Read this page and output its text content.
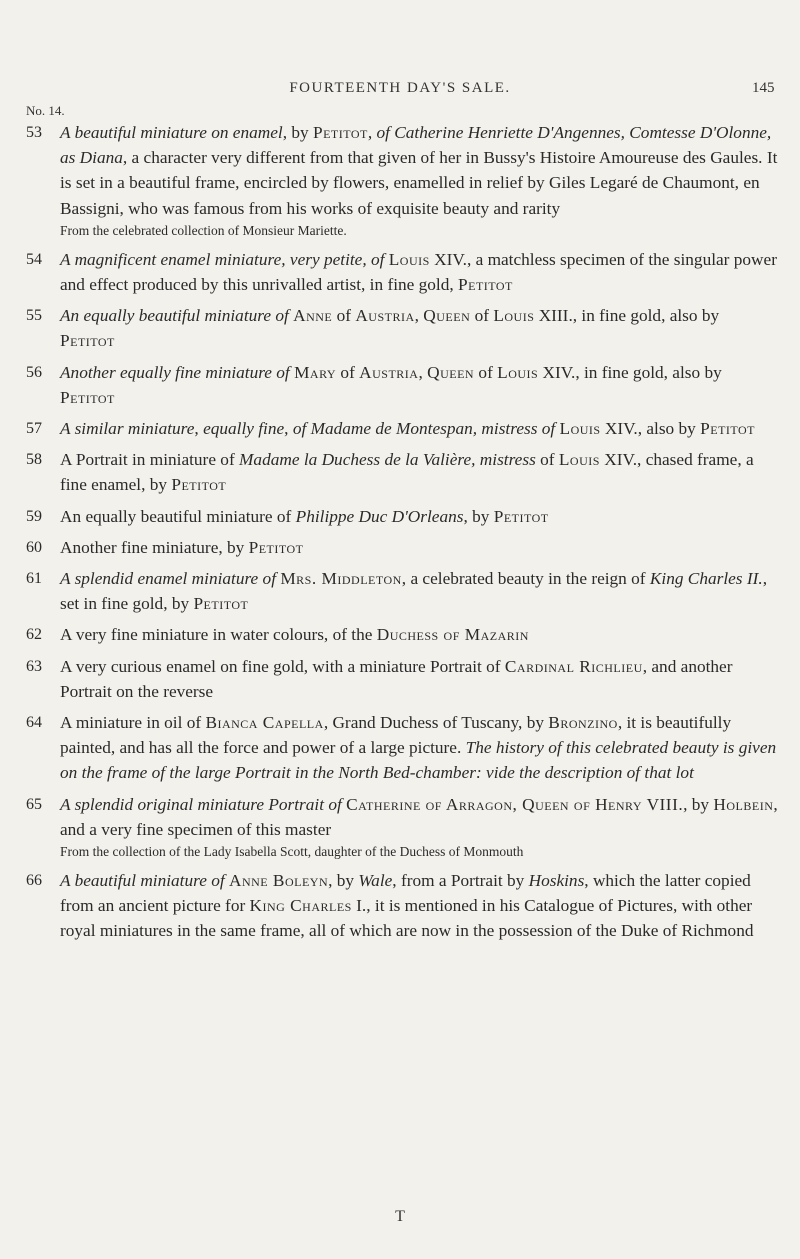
FOURTEENTH DAY'S SALE.	145
No. 14.
53	A beautiful miniature on enamel, by Petitot, of Catherine Henriette D'Angennes, Comtesse D'Olonne, as Diana, a character very different from that given of her in Bussy's Histoire Amoureuse des Gaules. It is set in a beautiful frame, encircled by flowers, enamelled in relief by Giles Legaré de Chaumont, en Bassigni, who was famous from his works of exquisite beauty and rarity
From the celebrated collection of Monsieur Mariette.
54	A magnificent enamel miniature, very petite, of Louis XIV., a matchless specimen of the singular power and effect produced by this unrivalled artist, in fine gold, Petitot
55	An equally beautiful miniature of Anne of Austria, Queen of Louis XIII., in fine gold, also by Petitot
56	Another equally fine miniature of Mary of Austria, Queen of Louis XIV., in fine gold, also by Petitot
57	A similar miniature, equally fine, of Madame de Montespan, mistress of Louis XIV., also by Petitot
58	A Portrait in miniature of Madame la Duchess de la Valière, mistress of Louis XIV., chased frame, a fine enamel, by Petitot
59	An equally beautiful miniature of Philippe Duc D'Orleans, by Petitot
60	Another fine miniature, by Petitot
61	A splendid enamel miniature of Mrs. Middleton, a celebrated beauty in the reign of King Charles II., set in fine gold, by Petitot
62	A very fine miniature in water colours, of the Duchess of Mazarin
63	A very curious enamel on fine gold, with a miniature Portrait of Cardinal Richlieu, and another Portrait on the reverse
64	A miniature in oil of Bianca Capella, Grand Duchess of Tuscany, by Bronzino, it is beautifully painted, and has all the force and power of a large picture. The history of this celebrated beauty is given on the frame of the large Portrait in the North Bed-chamber: vide the description of that lot
65	A splendid original miniature Portrait of Catherine of Arragon, Queen of Henry VIII., by Holbein, and a very fine specimen of this master
From the collection of the Lady Isabella Scott, daughter of the Duchess of Monmouth
66	A beautiful miniature of Anne Boleyn, by Wale, from a Portrait by Hoskins, which the latter copied from an ancient picture for King Charles I., it is mentioned in his Catalogue of Pictures, with other royal miniatures in the same frame, all of which are now in the possession of the Duke of Richmond
T
